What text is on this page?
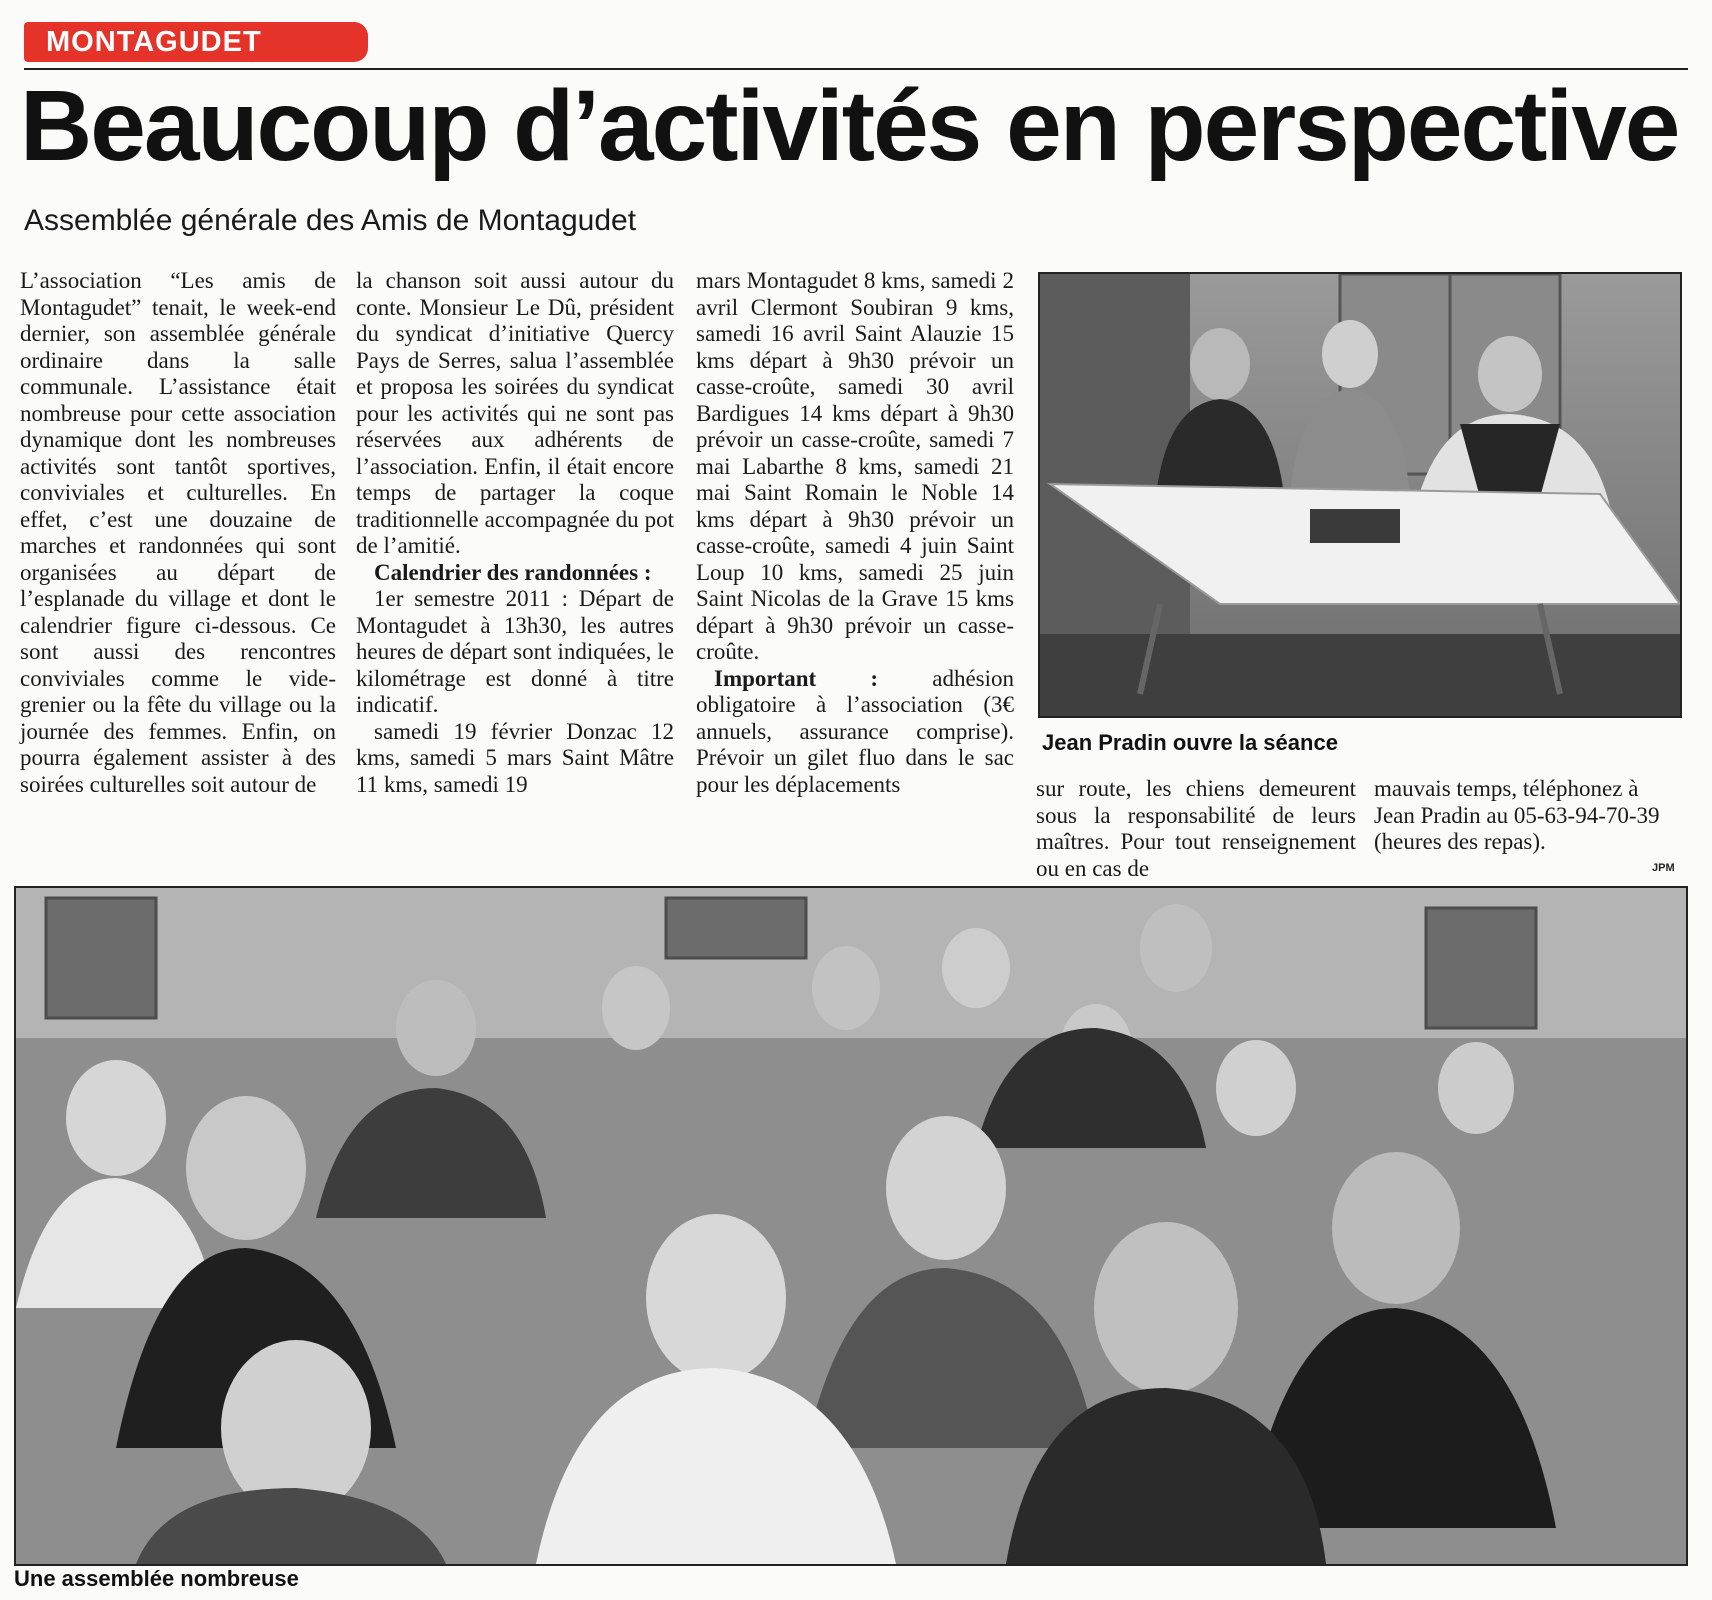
MONTAGUDET
Beaucoup d’activités en perspective
Assemblée générale des Amis de Montagudet

L’association “Les amis de Montagudet” tenait, le week-end dernier, son assemblée générale ordinaire dans la salle communale. L’assistance était nombreuse pour cette association dynamique dont les nombreuses activités sont tantôt sportives, conviviales et culturelles. En effet, c’est une douzaine de marches et randonnées qui sont organisées au départ de l’esplanade du village et dont le calendrier figure ci-dessous. Ce sont aussi des rencontres conviviales comme le vide-grenier ou la fête du village ou la journée des femmes. Enfin, on pourra également assister à des soirées culturelles soit autour de

la chanson soit aussi autour du conte. Monsieur Le Dû, président du syndicat d’initiative Quercy Pays de Serres, salua l’assemblée et proposa les soirées du syndicat pour les activités qui ne sont pas réservées aux adhérents de l’association. Enfin, il était encore temps de partager la coque traditionnelle accompagnée du pot de l’amitié.

Calendrier des randonnées :

1er semestre 2011 : Départ de Montagudet à 13h30, les autres heures de départ sont indiquées, le kilométrage est donné à titre indicatif.

samedi 19 février Donzac 12 kms, samedi 5 mars Saint Mâtre 11 kms, samedi 19

mars Montagudet 8 kms, samedi 2 avril Clermont Soubiran 9 kms, samedi 16 avril Saint Alauzie 15 kms départ à 9h30 prévoir un casse-croûte, samedi 30 avril Bardigues 14 kms départ à 9h30 prévoir un casse-croûte, samedi 7 mai Labarthe 8 kms, samedi 21 mai Saint Romain le Noble 14 kms départ à 9h30 prévoir un casse-croûte, samedi 4 juin Saint Loup 10 kms, samedi 25 juin Saint Nicolas de la Grave 15 kms départ à 9h30 prévoir un casse-croûte.

Important : adhésion obligatoire à l’association (3€ annuels, assurance comprise). Prévoir un gilet fluo dans le sac pour les déplacements	sur route, les chiens demeurent sous la responsabilité de leurs maîtres. Pour tout renseignement ou en cas de

mauvais temps, téléphonez à Jean Pradin au 05-63-94-70-39 (heures des repas).

JPM
Jean Pradin ouvre la séance
Une assemblée nombreuse
